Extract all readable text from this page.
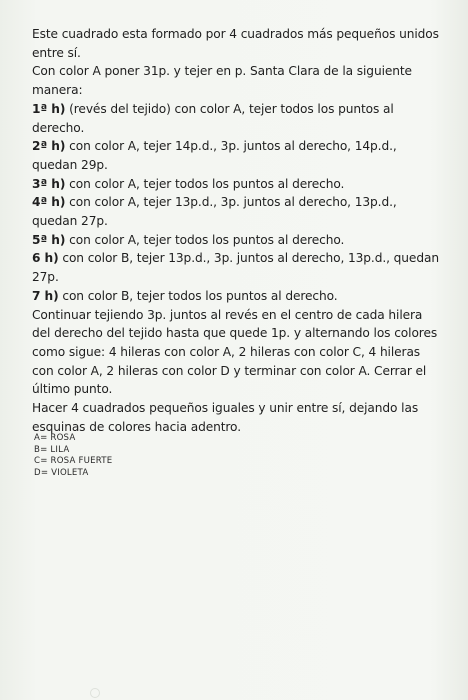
Este cuadrado esta formado por 4 cuadrados más pequeños unidos entre sí.

Con color A poner 31p. y tejer en p. Santa Clara de la siguiente manera:

1ª h) (revés del tejido) con color A, tejer todos los puntos al derecho.

2ª h) con color A, tejer 14p.d., 3p. juntos al derecho, 14p.d., quedan 29p.

3ª h) con color A, tejer todos los puntos al derecho.

4ª h) con color A, tejer 13p.d., 3p. juntos al derecho, 13p.d., quedan 27p.

5ª h) con color A, tejer todos los puntos al derecho.

6 h) con color B, tejer 13p.d., 3p. juntos al derecho, 13p.d., quedan 27p.

7 h) con color B, tejer todos los puntos al derecho.

Continuar tejiendo 3p. juntos al revés en el centro de cada hilera del derecho del tejido hasta que quede 1p. y alternando los colores como sigue: 4 hileras con color A, 2 hileras con color C, 4 hileras con color A, 2 hileras con color D y terminar con color A. Cerrar el último punto.

Hacer 4 cuadrados pequeños iguales y unir entre sí, dejando las esquinas de colores hacia adentro.

A= ROSA
B= LILA
C= ROSA FUERTE
D= VIOLETA
